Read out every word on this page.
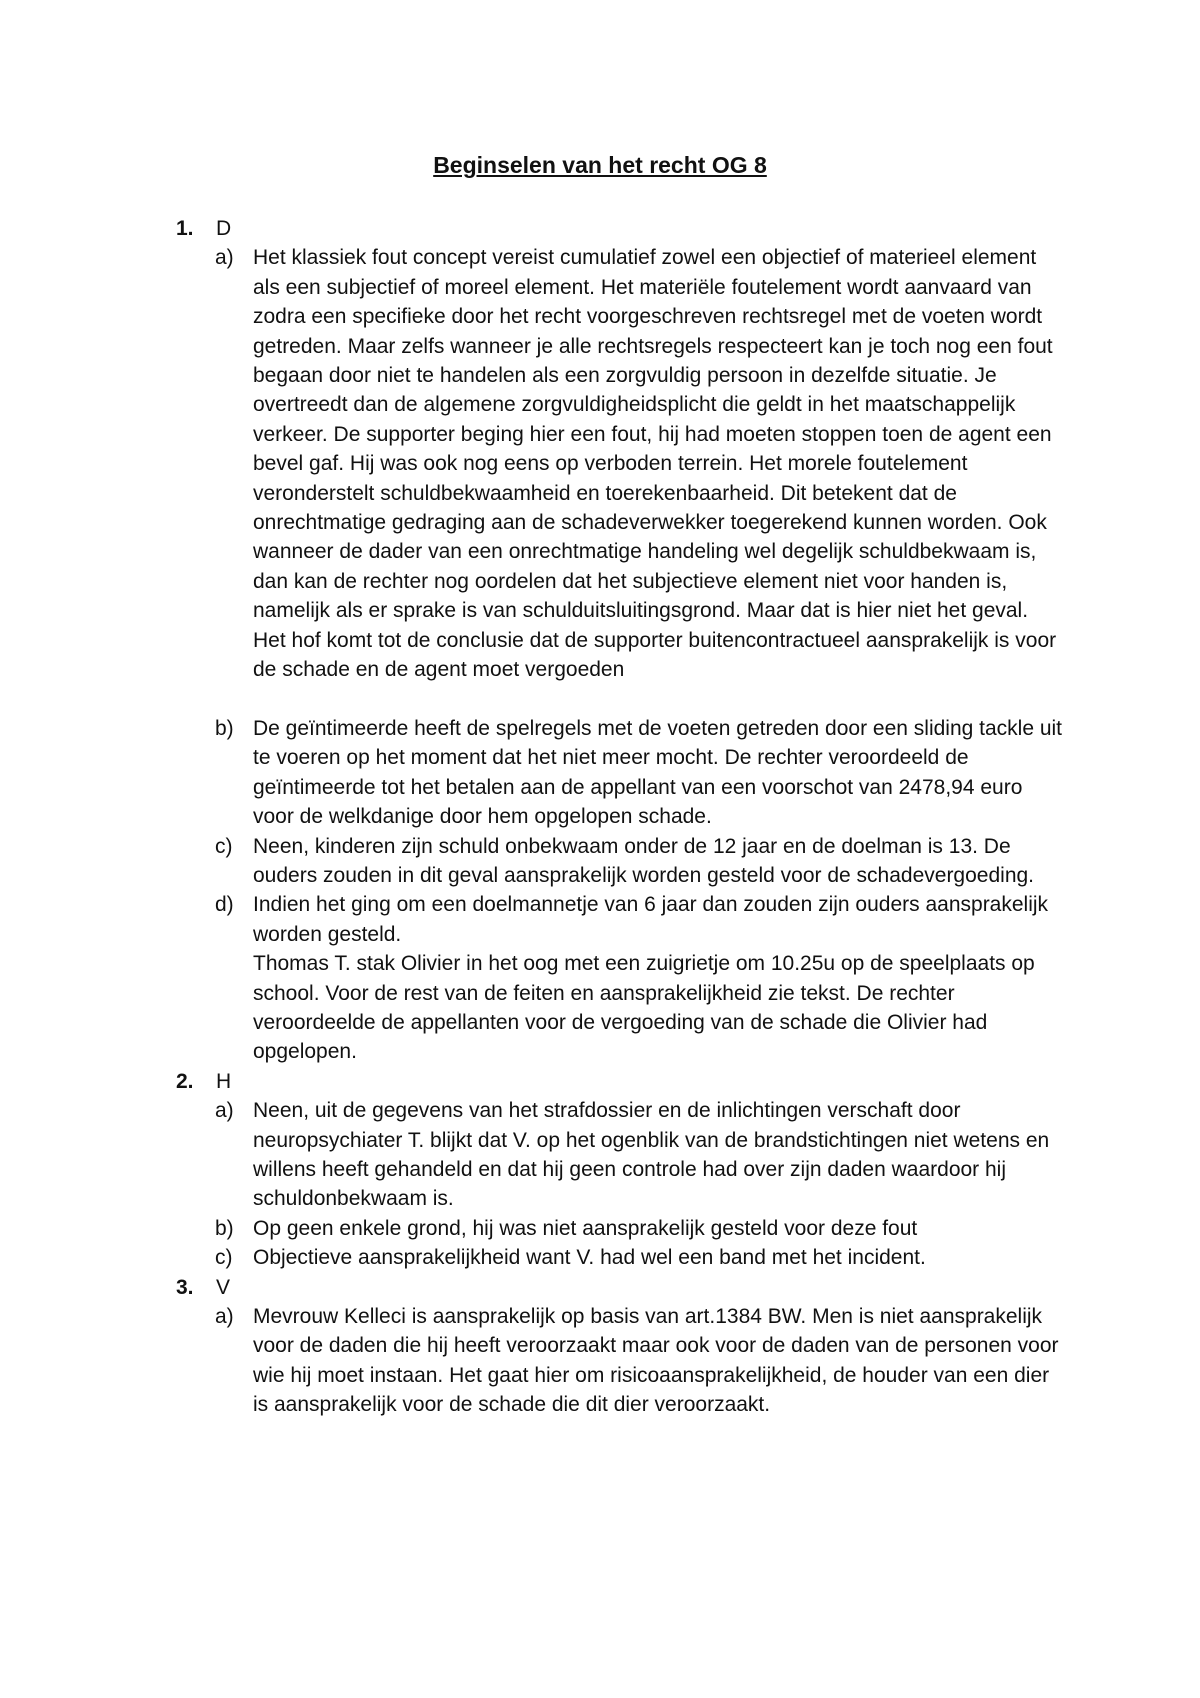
Beginselen van het recht OG 8
1. D
a) Het klassiek fout concept vereist cumulatief zowel een objectief of materieel element als een subjectief of moreel element. Het materiële foutelement wordt aanvaard van zodra een specifieke door het recht voorgeschreven rechtsregel met de voeten wordt getreden. Maar zelfs wanneer je alle rechtsregels respecteert kan je toch nog een fout begaan door niet te handelen als een zorgvuldig persoon in dezelfde situatie. Je overtreedt dan de algemene zorgvuldigheidsplicht die geldt in het maatschappelijk verkeer. De supporter beging hier een fout, hij had moeten stoppen toen de agent een bevel gaf. Hij was ook nog eens op verboden terrein. Het morele foutelement veronderstelt schuldbekwaamheid en toerekenbaarheid. Dit betekent dat de onrechtmatige gedraging aan de schadeverwekker toegerekend kunnen worden. Ook wanneer de dader van een onrechtmatige handeling wel degelijk schuldbekwaam is, dan kan de rechter nog oordelen dat het subjectieve element niet voor handen is, namelijk als er sprake is van schulduitsluitingsgrond. Maar dat is hier niet het geval. Het hof komt tot de conclusie dat de supporter buitencontractueel aansprakelijk is voor de schade en de agent moet vergoeden

b) De geïntimeerde heeft de spelregels met de voeten getreden door een sliding tackle uit te voeren op het moment dat het niet meer mocht. De rechter veroordeeld de geïntimeerde tot het betalen aan de appellant van een voorschot van 2478,94 euro voor de welkdanige door hem opgelopen schade.

c) Neen, kinderen zijn schuld onbekwaam onder de 12 jaar en de doelman is 13. De ouders zouden in dit geval aansprakelijk worden gesteld voor de schadevergoeding.

d) Indien het ging om een doelmannetje van 6 jaar dan zouden zijn ouders aansprakelijk worden gesteld.

Thomas T. stak Olivier in het oog met een zuigrietje om 10.25u op de speelplaats op school. Voor de rest van de feiten en aansprakelijkheid zie tekst. De rechter veroordeelde de appellanten voor de vergoeding van de schade die Olivier had opgelopen.

2. H
a) Neen, uit de gegevens van het strafdossier en de inlichtingen verschaft door neuropsychiater T. blijkt dat V. op het ogenblik van de brandstichtingen niet wetens en willens heeft gehandeld en dat hij geen controle had over zijn daden waardoor hij schuldonbekwaam is.

b) Op geen enkele grond, hij was niet aansprakelijk gesteld voor deze fout

c) Objectieve aansprakelijkheid want V. had wel een band met het incident.

3. V
a) Mevrouw Kelleci is aansprakelijk op basis van art.1384 BW. Men is niet aansprakelijk voor de daden die hij heeft veroorzaakt maar ook voor de daden van de personen voor wie hij moet instaan. Het gaat hier om risicoaansprakelijkheid, de houder van een dier is aansprakelijk voor de schade die dit dier veroorzaakt.
